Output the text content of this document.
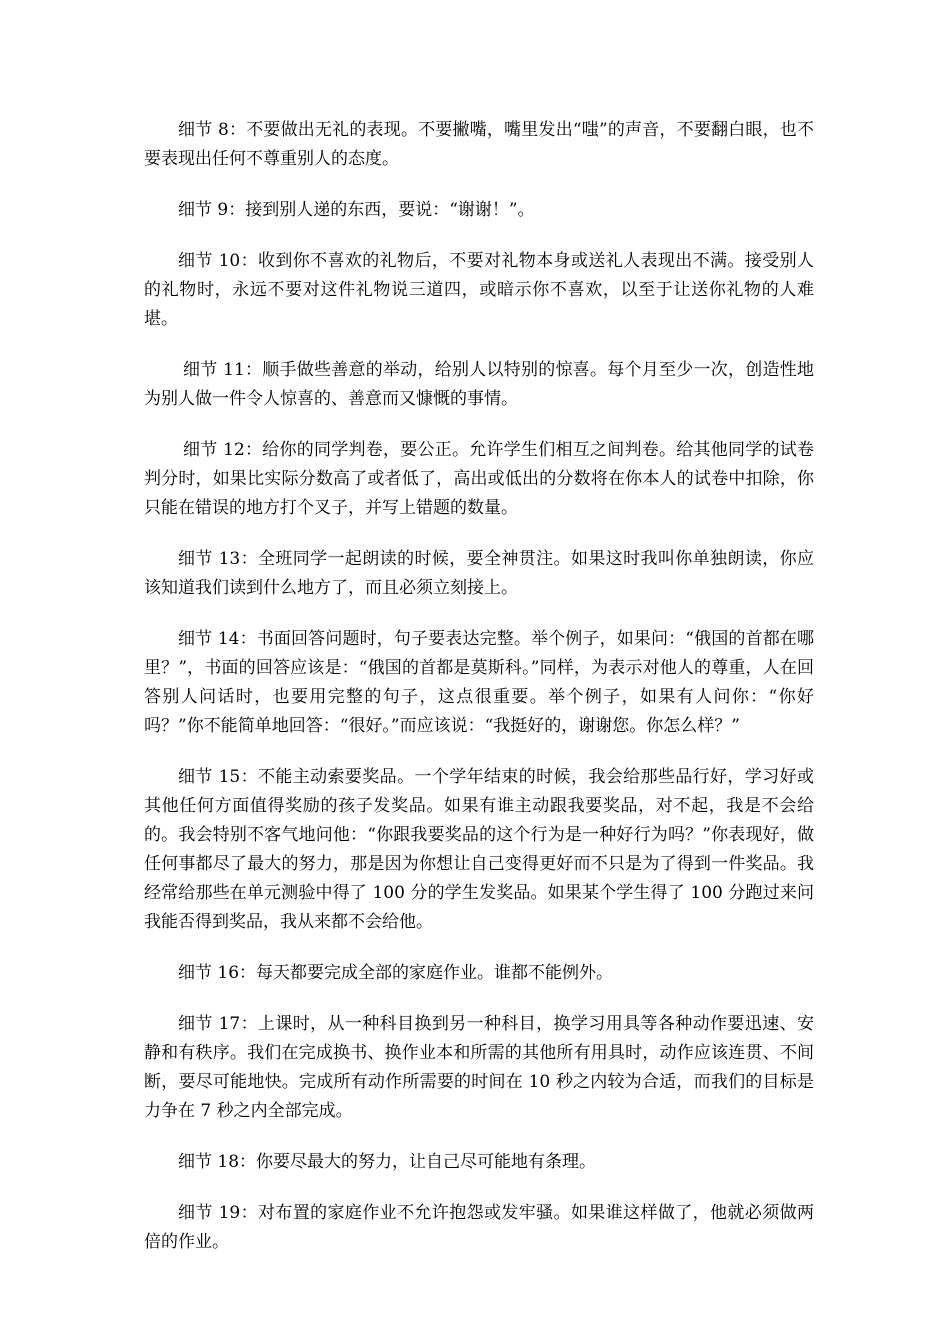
细节 8：不要做出无礼的表现。不要撇嘴，嘴里发出“嗤”的声音，不要翻白眼，也不要表现出任何不尊重别人的态度。

细节 9：接到别人递的东西，要说：“谢谢！”。

细节 10：收到你不喜欢的礼物后，不要对礼物本身或送礼人表现出不满。接受别人的礼物时，永远不要对这件礼物说三道四，或暗示你不喜欢，以至于让送你礼物的人难堪。

细节 11：顺手做些善意的举动，给别人以特别的惊喜。每个月至少一次，创造性地为别人做一件令人惊喜的、善意而又慷慨的事情。

细节 12：给你的同学判卷，要公正。允许学生们相互之间判卷。给其他同学的试卷判分时，如果比实际分数高了或者低了，高出或低出的分数将在你本人的试卷中扣除，你只能在错误的地方打个叉子，并写上错题的数量。

细节 13：全班同学一起朗读的时候，要全神贯注。如果这时我叫你单独朗读，你应该知道我们读到什么地方了，而且必须立刻接上。

细节 14：书面回答问题时，句子要表达完整。举个例子，如果问：“俄国的首都在哪里？”，书面的回答应该是：“俄国的首都是莫斯科。”同样，为表示对他人的尊重，人在回答别人问话时，也要用完整的句子，这点很重要。举个例子，如果有人问你：“你好吗？”你不能简单地回答：“很好。”而应该说：“我挺好的，谢谢您。你怎么样？”

细节 15：不能主动索要奖品。一个学年结束的时候，我会给那些品行好，学习好或其他任何方面值得奖励的孩子发奖品。如果有谁主动跟我要奖品，对不起，我是不会给的。我会特别不客气地问他：“你跟我要奖品的这个行为是一种好行为吗？”你表现好，做任何事都尽了最大的努力，那是因为你想让自己变得更好而不只是为了得到一件奖品。我经常给那些在单元测验中得了 100 分的学生发奖品。如果某个学生得了 100 分跑过来问我能否得到奖品，我从来都不会给他。

细节 16：每天都要完成全部的家庭作业。谁都不能例外。

细节 17：上课时，从一种科目换到另一种科目，换学习用具等各种动作要迅速、安静和有秩序。我们在完成换书、换作业本和所需的其他所有用具时，动作应该连贯、不间断，要尽可能地快。完成所有动作所需要的时间在 10 秒之内较为合适，而我们的目标是力争在 7 秒之内全部完成。

细节 18：你要尽最大的努力，让自己尽可能地有条理。

细节 19：对布置的家庭作业不允许抱怨或发牢骚。如果谁这样做了，他就必须做两倍的作业。
